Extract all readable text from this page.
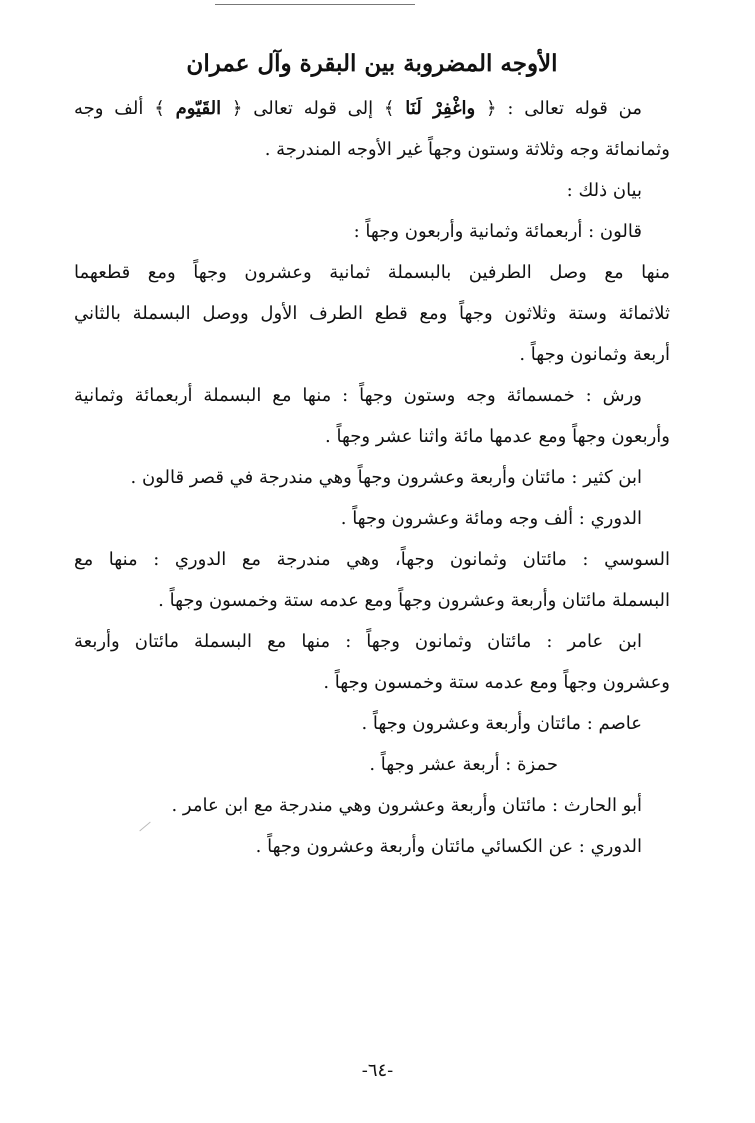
الأوجه المضروبة بين البقرة وآل عمران
من قوله تعالى : ﴿ واغْفِرْ لَنَا ﴾ إلى قوله تعالى ﴿ القَيّوم ﴾ ألف وجه
وثمانمائة وجه وثلاثة وستون وجهاً غير الأوجه المندرجة .
بيان ذلك :
قالون : أربعمائة وثمانية وأربعون وجهاً :
منها مع وصل الطرفين بالبسملة ثمانية وعشرون وجهاً ومع قطعهما
ثلاثمائة وستة وثلاثون وجهاً ومع قطع الطرف الأول ووصل البسملة بالثاني
أربعة وثمانون وجهاً .
ورش : خمسمائة وجه وستون وجهاً : منها مع البسملة أربعمائة وثمانية
وأربعون وجهاً ومع عدمها مائة واثنا عشر وجهاً .
ابن كثير : مائتان وأربعة وعشرون وجهاً وهي مندرجة في قصر قالون .
الدوري : ألف وجه ومائة وعشرون وجهاً .
السوسي : مائتان وثمانون وجهاً، وهي مندرجة مع الدوري : منها مع
البسملة مائتان وأربعة وعشرون وجهاً ومع عدمه ستة وخمسون وجهاً .
ابن عامر : مائتان وثمانون وجهاً : منها مع البسملة مائتان وأربعة
وعشرون وجهاً ومع عدمه ستة وخمسون وجهاً .
عاصم : مائتان وأربعة وعشرون وجهاً .
حمزة : أربعة عشر وجهاً .
أبو الحارث : مائتان وأربعة وعشرون وهي مندرجة مع ابن عامر .
الدوري : عن الكسائي مائتان وأربعة وعشرون وجهاً .
-٦٤-
